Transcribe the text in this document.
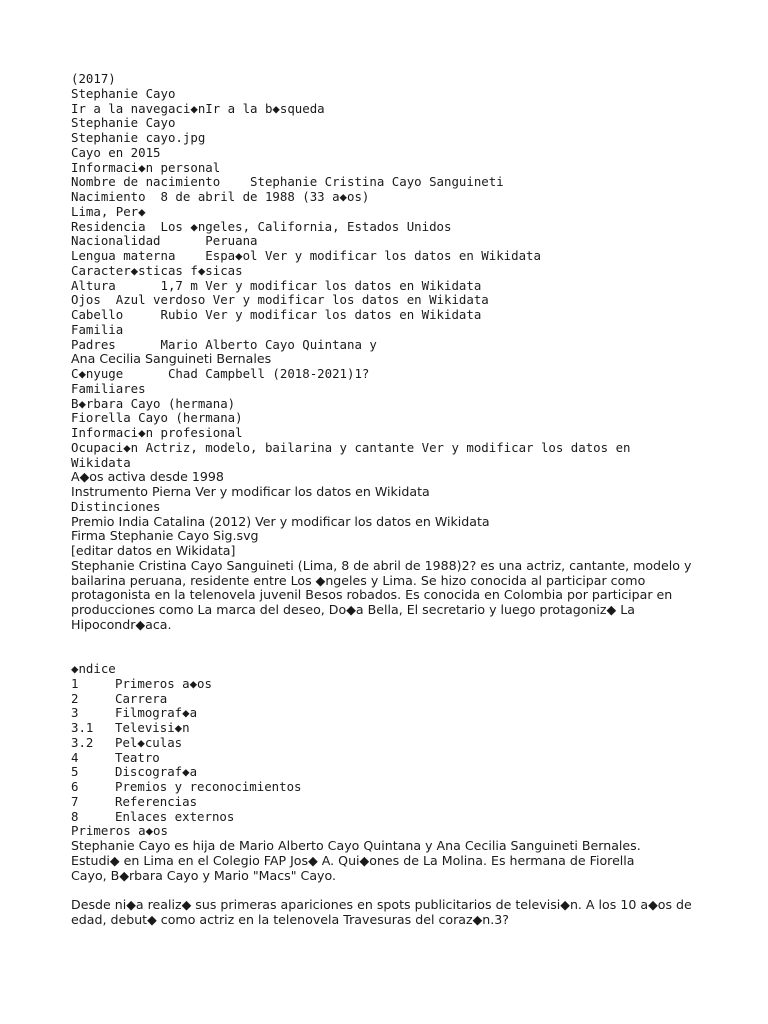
(2017)
Stephanie Cayo
Ir a la navegaci◆nIr a la b◆squeda
Stephanie Cayo
Stephanie cayo.jpg
Cayo en 2015
Informaci◆n personal
Nombre de nacimiento    Stephanie Cristina Cayo Sanguineti
Nacimiento  8 de abril de 1988 (33 a◆os)
Lima, Per◆
Residencia  Los ◆ngeles, California, Estados Unidos
Nacionalidad      Peruana
Lengua materna    Espa◆ol Ver y modificar los datos en Wikidata
Caracter◆sticas f◆sicas
Altura      1,7 m Ver y modificar los datos en Wikidata
Ojos  Azul verdoso Ver y modificar los datos en Wikidata
Cabello     Rubio Ver y modificar los datos en Wikidata
Familia
Padres      Mario Alberto Cayo Quintana y
Ana Cecilia Sanguineti Bernales
C◆nyuge      Chad Campbell (2018-2021)1?
Familiares
B◆rbara Cayo (hermana)
Fiorella Cayo (hermana)
Informaci◆n profesional
Ocupaci◆n Actriz, modelo, bailarina y cantante Ver y modificar los datos en Wikidata
A◆os activa desde 1998
Instrumento Pierna Ver y modificar los datos en Wikidata
Distinciones
Premio India Catalina (2012) Ver y modificar los datos en Wikidata
Firma Stephanie Cayo Sig.svg
[editar datos en Wikidata]
Stephanie Cristina Cayo Sanguineti (Lima, 8 de abril de 1988)2? es una actriz, cantante, modelo y bailarina peruana, residente entre Los ◆ngeles y Lima. Se hizo conocida al participar como protagonista en la telenovela juvenil Besos robados. Es conocida en Colombia por participar en producciones como La marca del deseo, Do◆a Bella, El secretario y luego protagoniz◆ La Hipocondr◆aca.
◆ndice
1	Primeros a◆os
2	Carrera
3	Filmograf◆a
3.1 Televisi◆n
3.2 Pel◆culas
4	Teatro
5	Discograf◆a
6	Premios y reconocimientos
7	Referencias
8	Enlaces externos
Primeros a◆os
Stephanie Cayo es hija de Mario Alberto Cayo Quintana y Ana Cecilia Sanguineti Bernales. Estudi◆ en Lima en el Colegio FAP Jos◆ A. Qui◆ones de La Molina. Es hermana de Fiorella Cayo, B◆rbara Cayo y Mario "Macs" Cayo.
Desde ni◆a realiz◆ sus primeras apariciones en spots publicitarios de televisi◆n. A los 10 a◆os de edad, debut◆ como actriz en la telenovela Travesuras del coraz◆n.3?
